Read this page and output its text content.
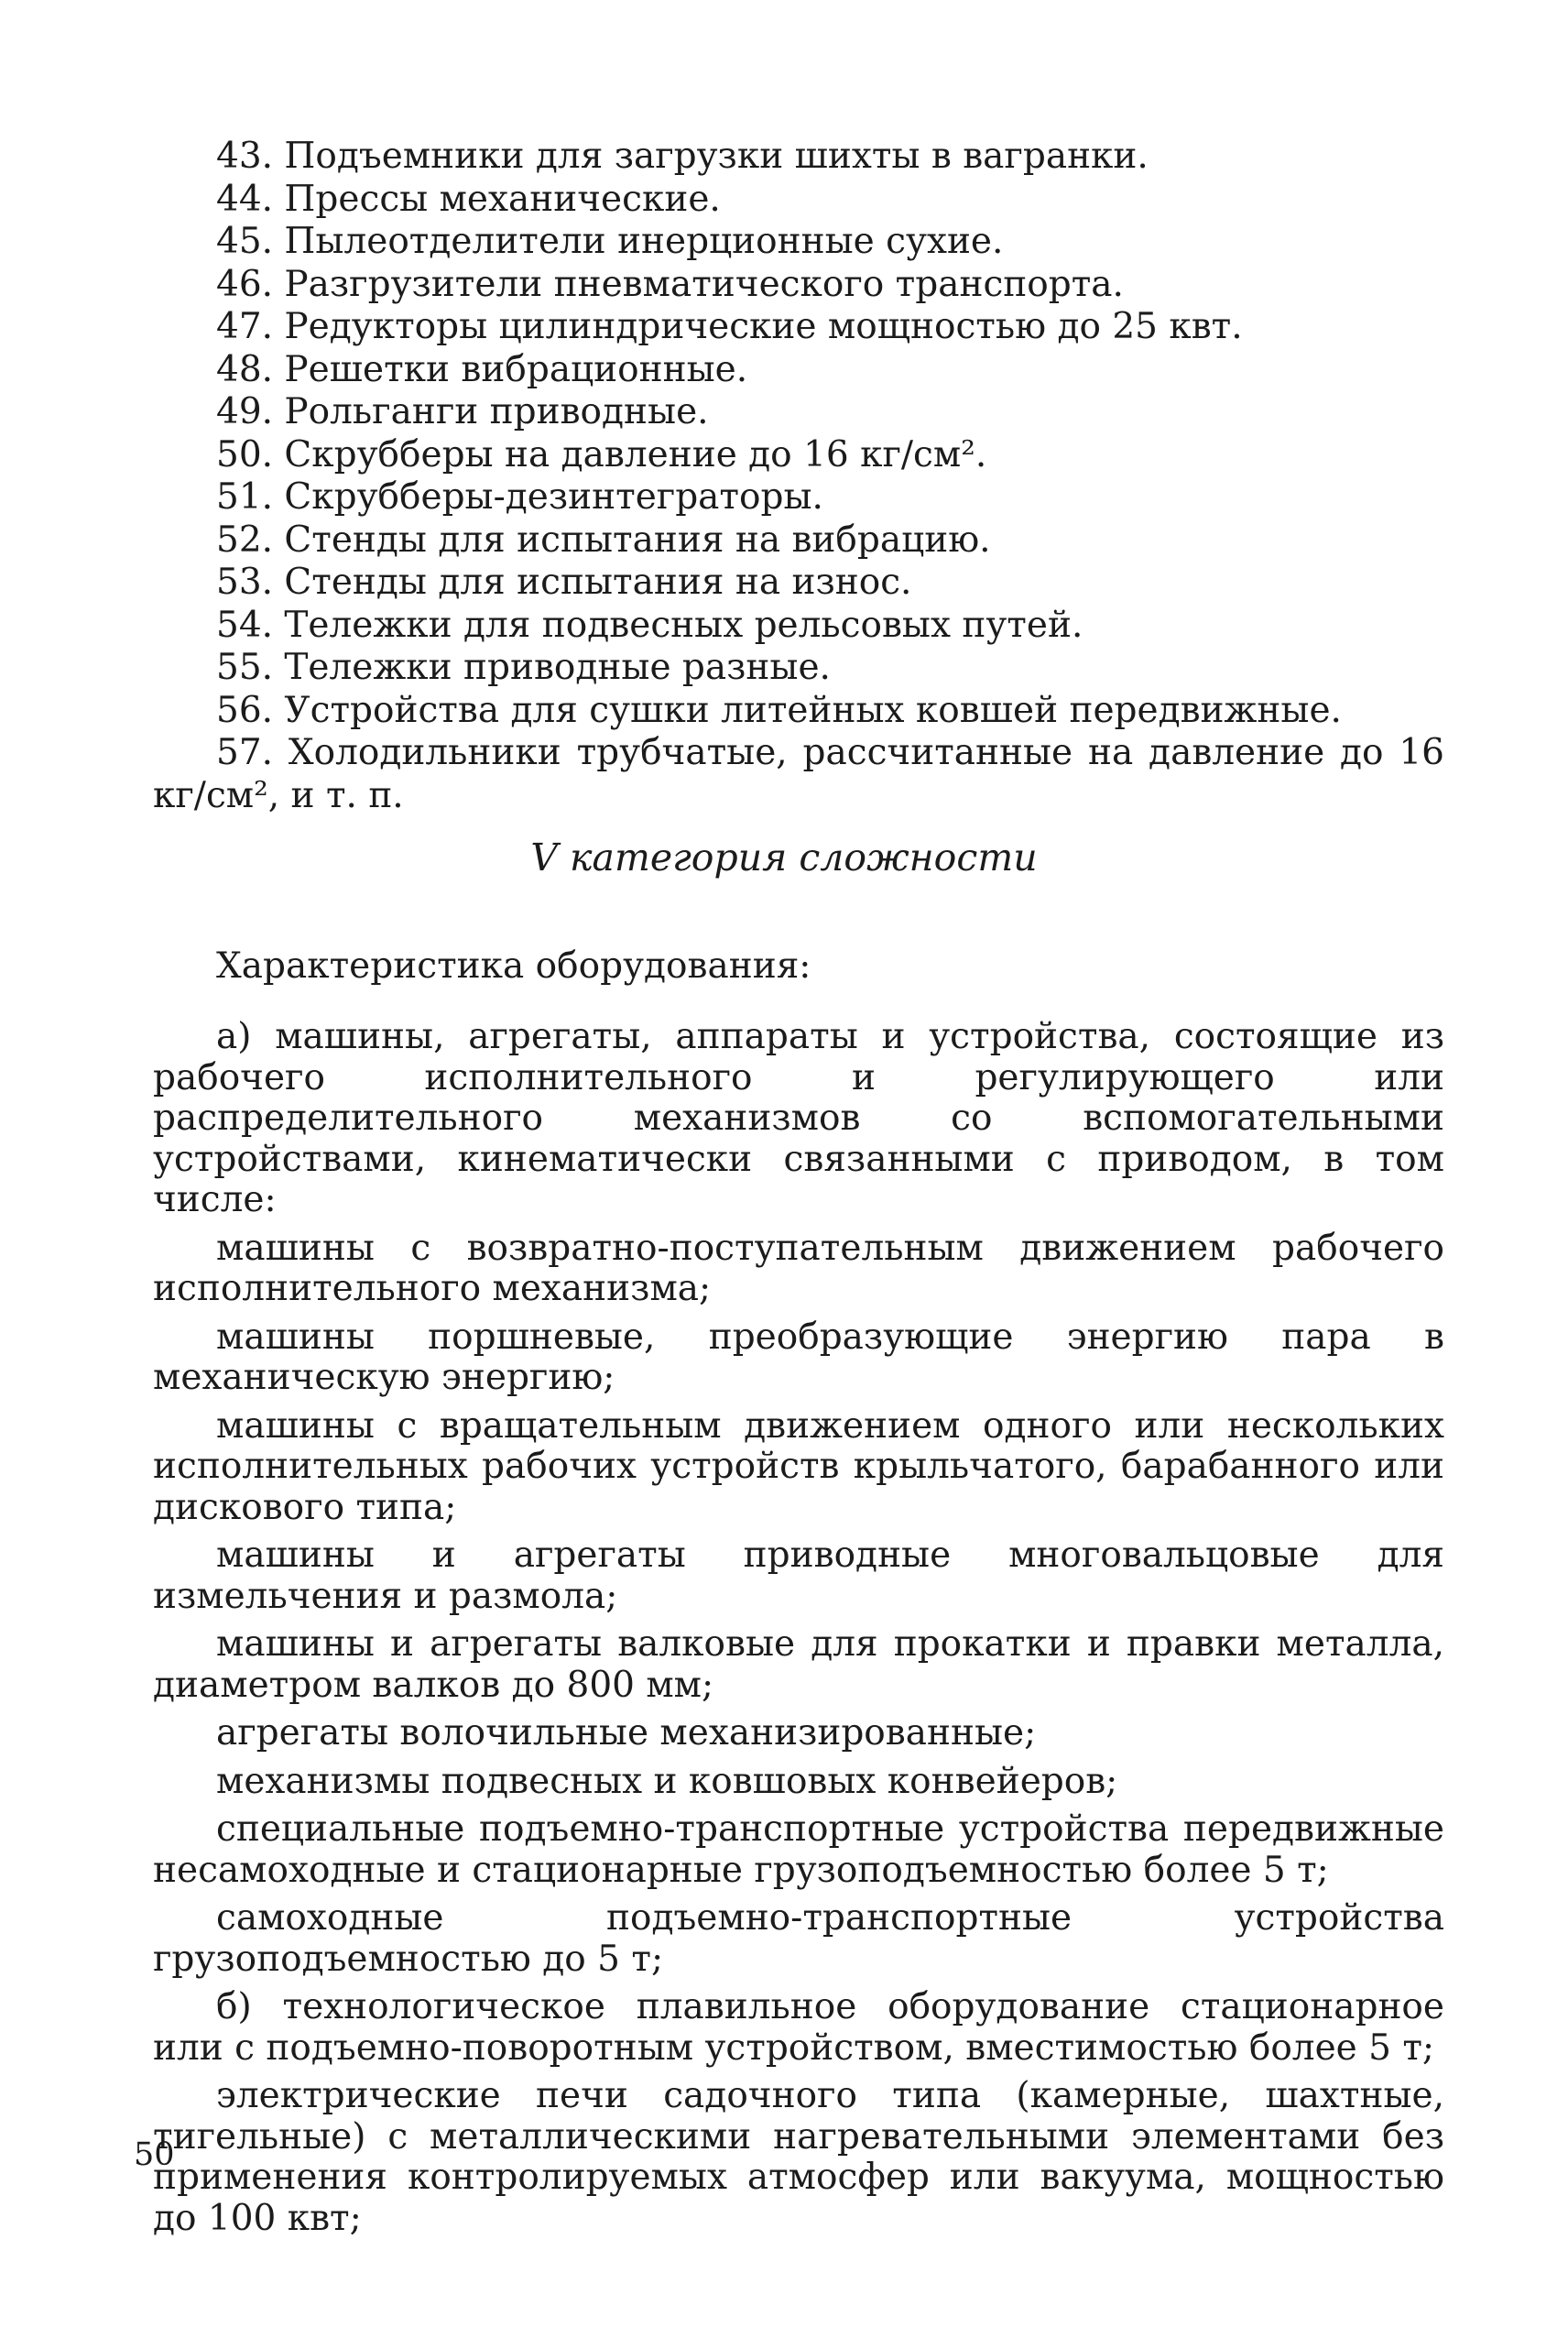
43. Подъемники для загрузки шихты в вагранки.
44. Прессы механические.
45. Пылеотделители инерционные сухие.
46. Разгрузители пневматического транспорта.
47. Редукторы цилиндрические мощностью до 25 квт.
48. Решетки вибрационные.
49. Рольганги приводные.
50. Скрубберы на давление до 16 кг/см².
51. Скрубберы-дезинтеграторы.
52. Стенды для испытания на вибрацию.
53. Стенды для испытания на износ.
54. Тележки для подвесных рельсовых путей.
55. Тележки приводные разные.
56. Устройства для сушки литейных ковшей передвижные.
57. Холодильники трубчатые, рассчитанные на давление до 16 кг/см², и т. п.
V категория сложности
Характеристика оборудования:

а) машины, агрегаты, аппараты и устройства, состоящие из рабочего исполнительного и регулирующего или распределительного механизмов со вспомогательными устройствами, кинематически связанными с приводом, в том числе:

машины с возвратно-поступательным движением рабочего исполнительного механизма;

машины поршневые, преобразующие энергию пара в механическую энергию;

машины с вращательным движением одного или нескольких исполнительных рабочих устройств крыльчатого, барабанного или дискового типа;

машины и агрегаты приводные многовальцовые для измельчения и размола;

машины и агрегаты валковые для прокатки и правки металла, диаметром валков до 800 мм;

агрегаты волочильные механизированные;

механизмы подвесных и ковшовых конвейеров;

специальные подъемно-транспортные устройства передвижные несамоходные и стационарные грузоподъемностью более 5 т;

самоходные подъемно-транспортные устройства грузоподъемностью до 5 т;

б) технологическое плавильное оборудование стационарное или с подъемно-поворотным устройством, вместимостью более 5 т;

электрические печи садочного типа (камерные, шахтные, тигельные) с металлическими нагревательными элементами без применения контролируемых атмосфер или вакуума, мощностью до 100 квт;

50
